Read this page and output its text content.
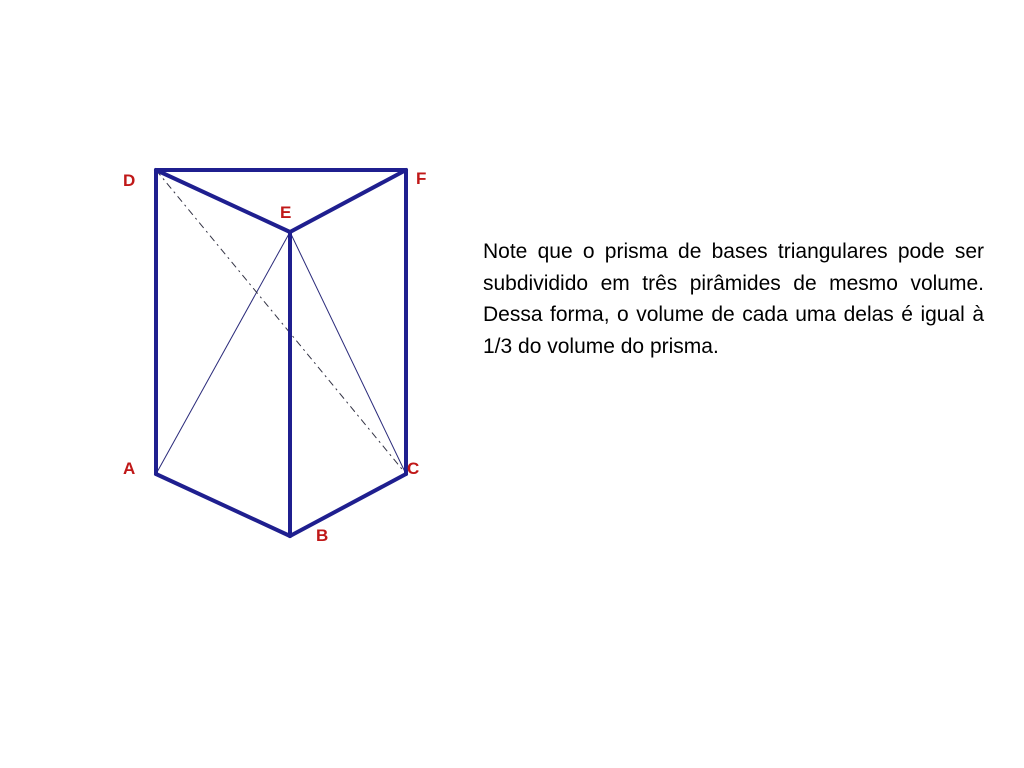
D
E
F
A
B
C

Note que o prisma de bases triangulares pode ser subdividido em três pirâmides de mesmo volume. Dessa forma, o volume de cada uma delas é igual à 1/3 do volume do prisma.
